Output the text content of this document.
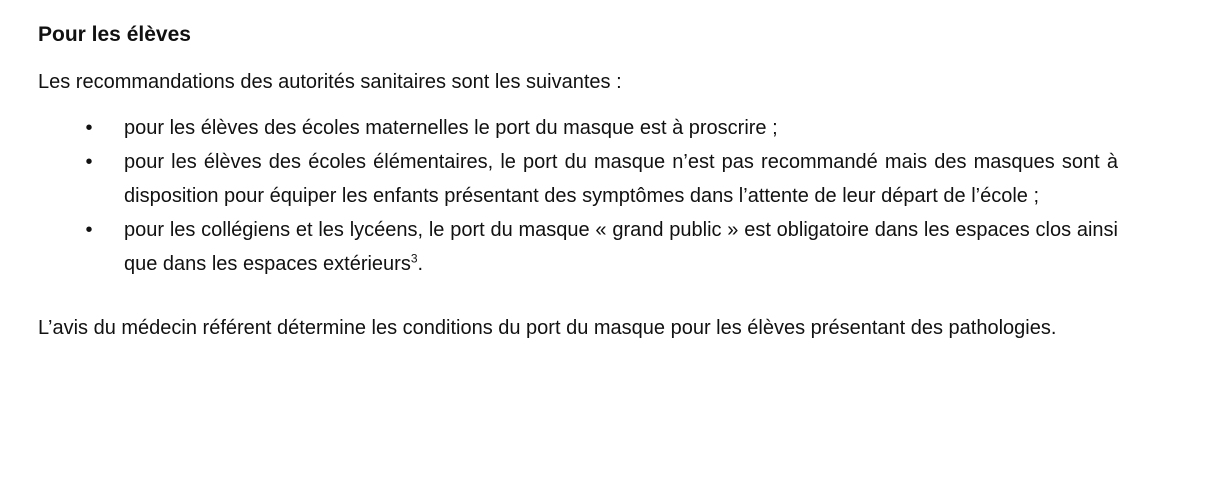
Pour les élèves

Les recommandations des autorités sanitaires sont les suivantes :

• pour les élèves des écoles maternelles le port du masque est à proscrire ;
• pour les élèves des écoles élémentaires, le port du masque n’est pas recommandé mais des masques sont à disposition pour équiper les enfants présentant des symptômes dans l’attente de leur départ de l’école ;
• pour les collégiens et les lycéens, le port du masque « grand public » est obligatoire dans les espaces clos ainsi que dans les espaces extérieurs$^3$.

L’avis du médecin référent détermine les conditions du port du masque pour les élèves présentant des pathologies.
